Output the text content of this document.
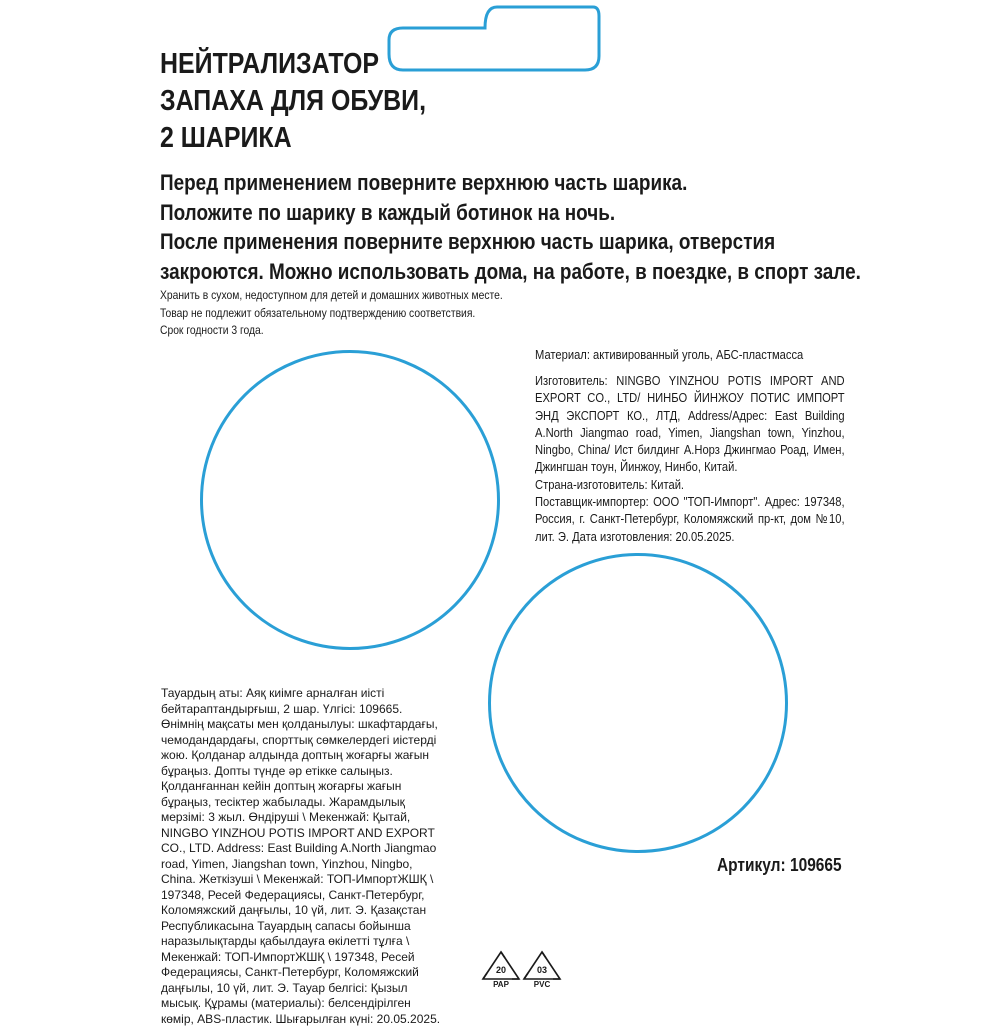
НЕЙТРАЛИЗАТОР
ЗАПАХА ДЛЯ ОБУВИ,
2 ШАРИКА
Перед применением поверните верхнюю часть шарика.
Положите по шарику в каждый ботинок на ночь.
После применения поверните верхнюю часть шарика, отверстия
закроются. Можно использовать дома, на работе, в поездке, в спорт зале.
Хранить в сухом, недоступном для детей и домашних животных месте.
Товар не подлежит обязательному подтверждению соответствия.
Срок годности 3 года.
Материал: активированный уголь, АБС-пластмасса
Изготовитель: NINGBO YINZHOU POTIS IMPORT AND EXPORT CO., LTD/ НИНБО ЙИНЖОУ ПОТИС ИМПОРТ ЭНД ЭКСПОРТ КО., ЛТД, Address/Адрес: East Building A.North Jiangmao road, Yimen, Jiangshan town, Yinzhou, Ningbo, China/ Ист билдинг А.Норз Джингмао Роад, Имен, Джингшан тоун, Йинжоу, Нинбо, Китай.
Страна-изготовитель: Китай.
Поставщик-импортер: ООО "ТОП-Импорт". Адрес: 197348, Россия, г. Санкт-Петербург, Коломяжский пр-кт, дом №10, лит. Э. Дата изготовления: 20.05.2025.
Тауардың аты: Аяқ киімге арналған иісті
бейтараптандырғыш, 2 шар. Үлгісі: 109665.
Өнімнің мақсаты мен қолданылуы: шкафтардағы,
чемодандардағы, спорттық сөмкелердегі иістерді
жою. Қолданар алдында доптың жоғарғы жағын
бұраңыз. Допты түнде әр етікке салыңыз.
Қолданғаннан кейін доптың жоғарғы жағын
бұраңыз, тесіктер жабылады. Жарамдылық
мерзімі: 3 жыл. Өндіруші \ Мекенжай: Қытай,
NINGBO YINZHOU POTIS IMPORT AND EXPORT
CO., LTD. Address: East Building A.North Jiangmao
road, Yimen, Jiangshan town, Yinzhou, Ningbo,
China. Жеткізуші \ Мекенжай: ТОП-ИмпортЖШҚ \
197348, Ресей Федерациясы, Санкт-Петербург,
Коломяжский даңғылы, 10 үй, лит. Э. Қазақстан
Республикасына Тауардың сапасы бойынша
наразылықтарды қабылдауға өкілетті тұлға \
Мекенжай: ТОП-ИмпортЖШҚ \ 197348, Ресей
Федерациясы, Санкт-Петербург, Коломяжский
даңғылы, 10 үй, лит. Э. Тауар белгісі: Қызыл
мысық. Құрамы (материалы): белсендірілген
көмір, ABS-пластик. Шығарылған күні: 20.05.2025.
Артикул: 109665
20
PAP
03
PVC
